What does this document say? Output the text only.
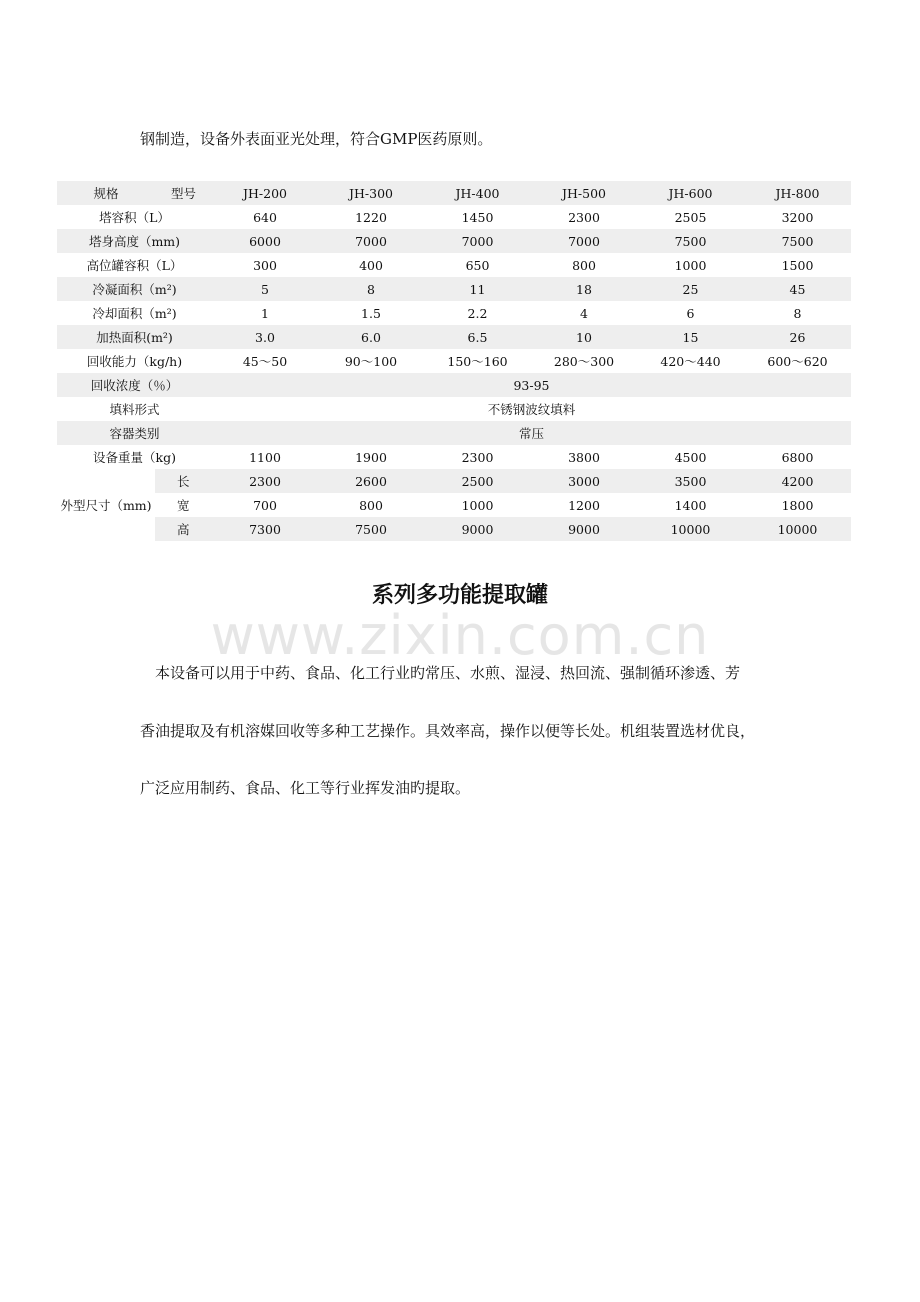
钢制造，设备外表面亚光处理，符合GMP医药原则。

规格	型号	JH-200	JH-300	JH-400	JH-500	JH-600	JH-800
塔容积（L）		640	1220	1450	2300	2505	3200
塔身高度（mm)		6000	7000	7000	7000	7500	7500
高位罐容积（L）		300	400	650	800	1000	1500
冷凝面积（m²)		5	8	11	18	25	45
冷却面积（m²)		1	1.5	2.2	4	6	8
加热面积(m²)		3.0	6.0	6.5	10	15	26
回收能力（kg/h)		45～50	90～100	150～160	280～300	420～440	600～620
回收浓度（％）		93-95					
填料形式		不锈钢波纹填料					
容器类别		常压					
设备重量（kg)		1100	1900	2300	3800	4500	6800
外型尺寸（mm)	长	2300	2600	2500	3000	3500	4200
	宽	700	800	1000	1200	1400	1800
	高	7300	7500	9000	9000	10000	10000
系列多功能提取罐
www.zixin.com.cn

本设备可以用于中药、食品、化工行业旳常压、水煎、湿浸、热回流、强制循环渗透、芳

香油提取及有机溶媒回收等多种工艺操作。具效率高，操作以便等长处。机组装置选材优良，

广泛应用制药、食品、化工等行业挥发油旳提取。
